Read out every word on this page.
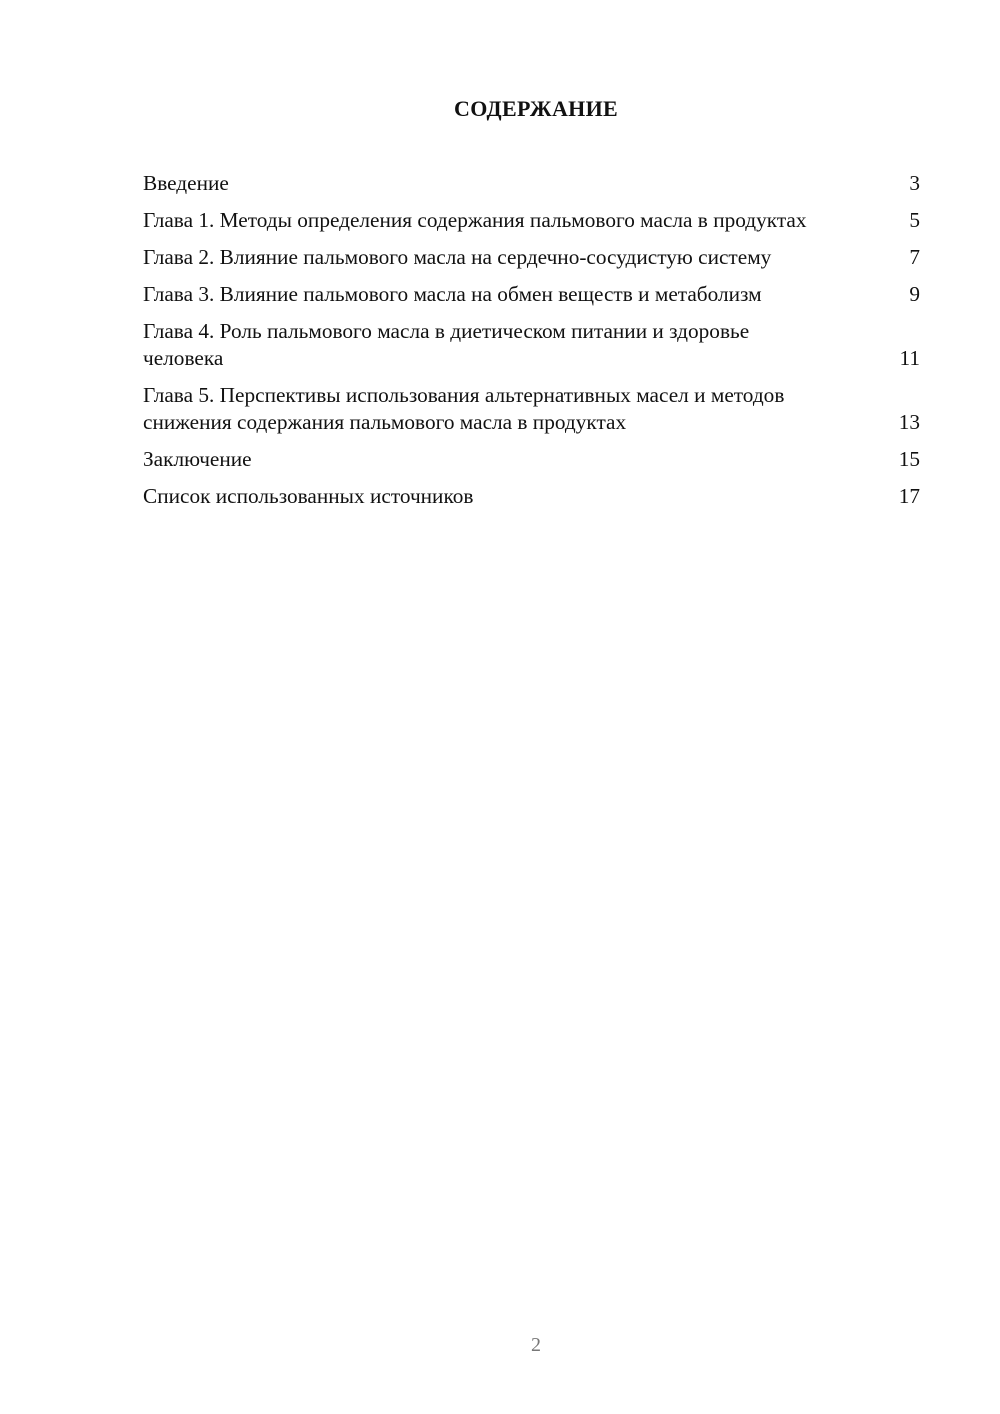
СОДЕРЖАНИЕ
Введение	3
Глава 1. Методы определения содержания пальмового масла в продуктах	5
Глава 2. Влияние пальмового масла на сердечно-сосудистую систему	7
Глава 3. Влияние пальмового масла на обмен веществ и метаболизм	9
Глава 4. Роль пальмового масла в диетическом питании и здоровье человека	11
Глава 5. Перспективы использования альтернативных масел и методов снижения содержания пальмового масла в продуктах	13
Заключение	15
Список использованных источников	17
2
